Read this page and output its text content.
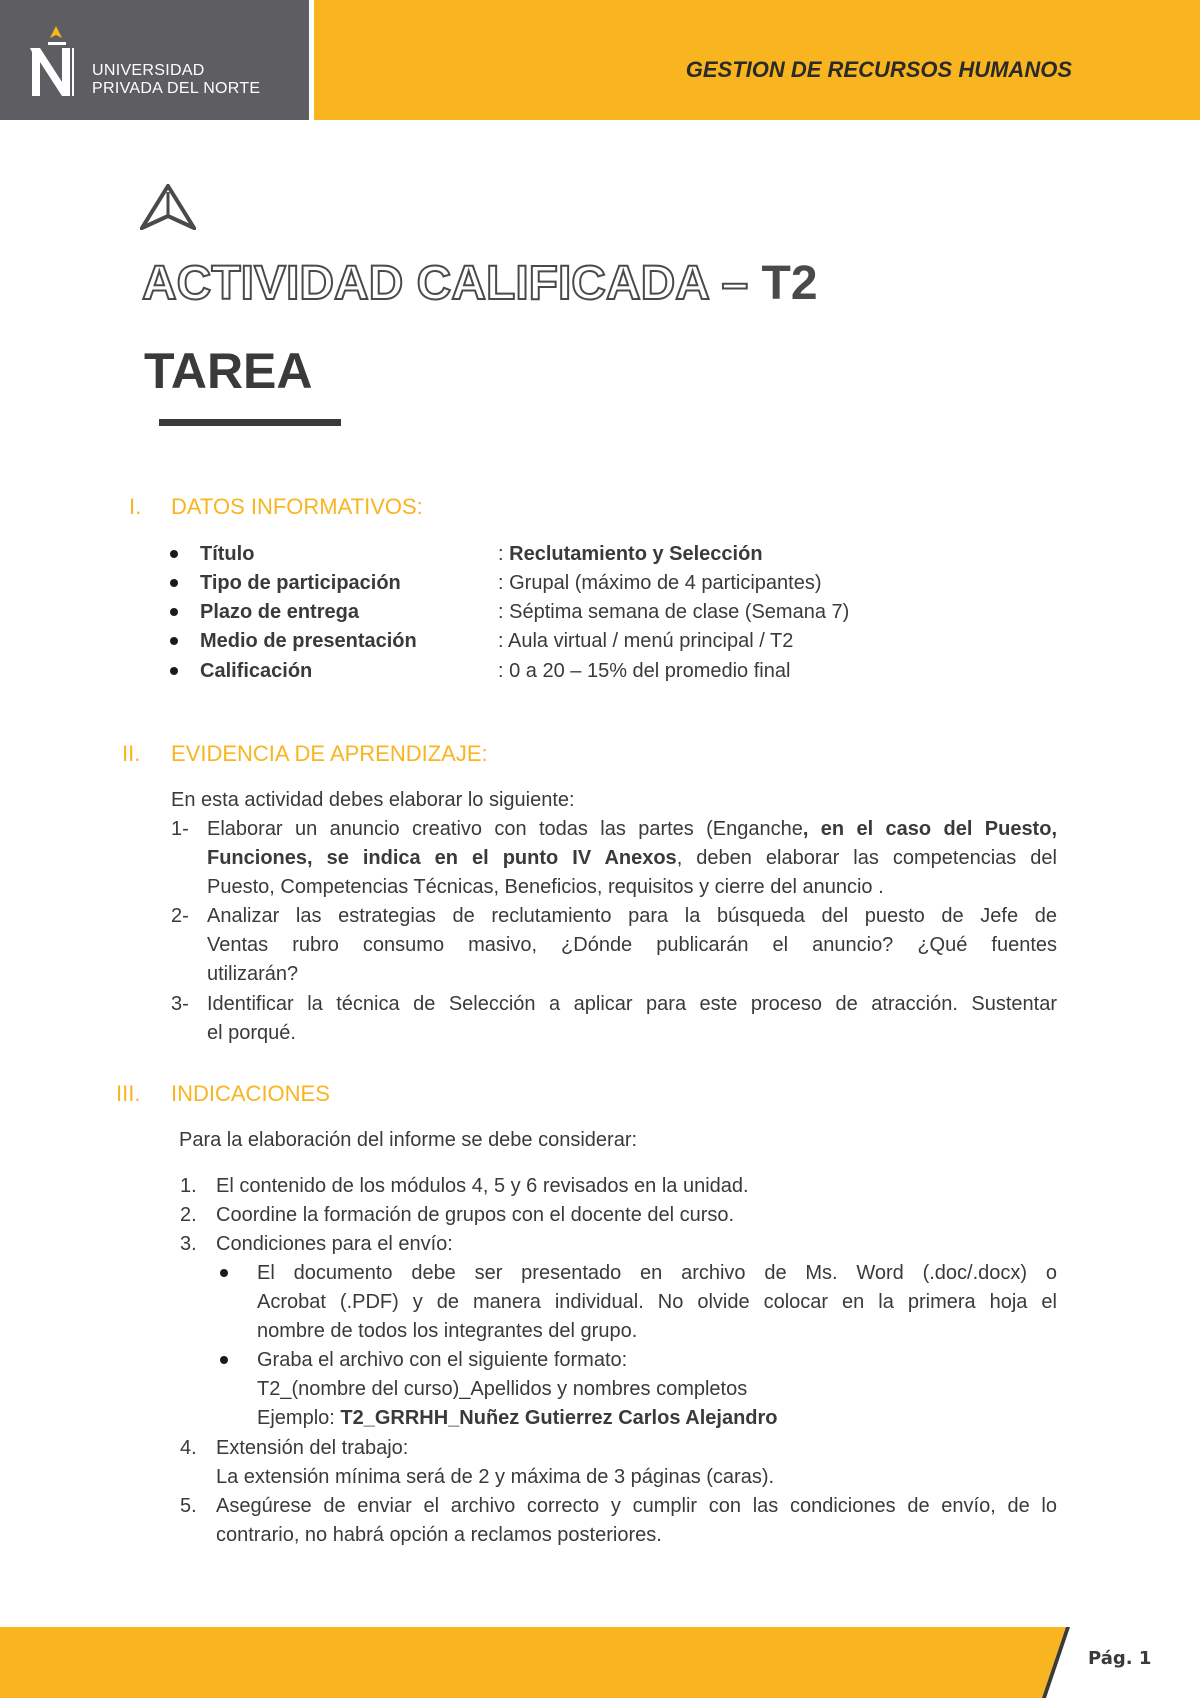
UNIVERSIDAD
PRIVADA DEL NORTE
GESTION DE RECURSOS HUMANOS
ACTIVIDAD CALIFICADA – T2
TAREA
I. DATOS INFORMATIVOS:
Título	: Reclutamiento y Selección
Tipo de participación	: Grupal (máximo de 4 participantes)
Plazo de entrega	: Séptima semana de clase (Semana 7)
Medio de presentación	: Aula virtual / menú principal / T2
Calificación	: 0 a 20 – 15% del promedio final
II. EVIDENCIA DE APRENDIZAJE:
En esta actividad debes elaborar lo siguiente:
1- Elaborar un anuncio creativo con todas las partes (Enganche, en el caso del Puesto,
Funciones, se indica en el punto IV Anexos, deben elaborar las competencias del
Puesto, Competencias Técnicas, Beneficios, requisitos y cierre del anuncio .
2- Analizar las estrategias de reclutamiento para la búsqueda del puesto de Jefe de
Ventas rubro consumo masivo, ¿Dónde publicarán el anuncio? ¿Qué fuentes
utilizarán?
3- Identificar la técnica de Selección a aplicar para este proceso de atracción. Sustentar
el porqué.
III. INDICACIONES
Para la elaboración del informe se debe considerar:
1. El contenido de los módulos 4, 5 y 6 revisados en la unidad.
2. Coordine la formación de grupos con el docente del curso.
3. Condiciones para el envío:
El documento debe ser presentado en archivo de Ms. Word (.doc/.docx) o
Acrobat (.PDF) y de manera individual. No olvide colocar en la primera hoja el
nombre de todos los integrantes del grupo.
Graba el archivo con el siguiente formato:
T2_(nombre del curso)_Apellidos y nombres completos
Ejemplo: T2_GRRHH_Nuñez Gutierrez Carlos Alejandro
4. Extensión del trabajo:
La extensión mínima será de 2 y máxima de 3 páginas (caras).
5. Asegúrese de enviar el archivo correcto y cumplir con las condiciones de envío, de lo
contrario, no habrá opción a reclamos posteriores.
Pág. 1
